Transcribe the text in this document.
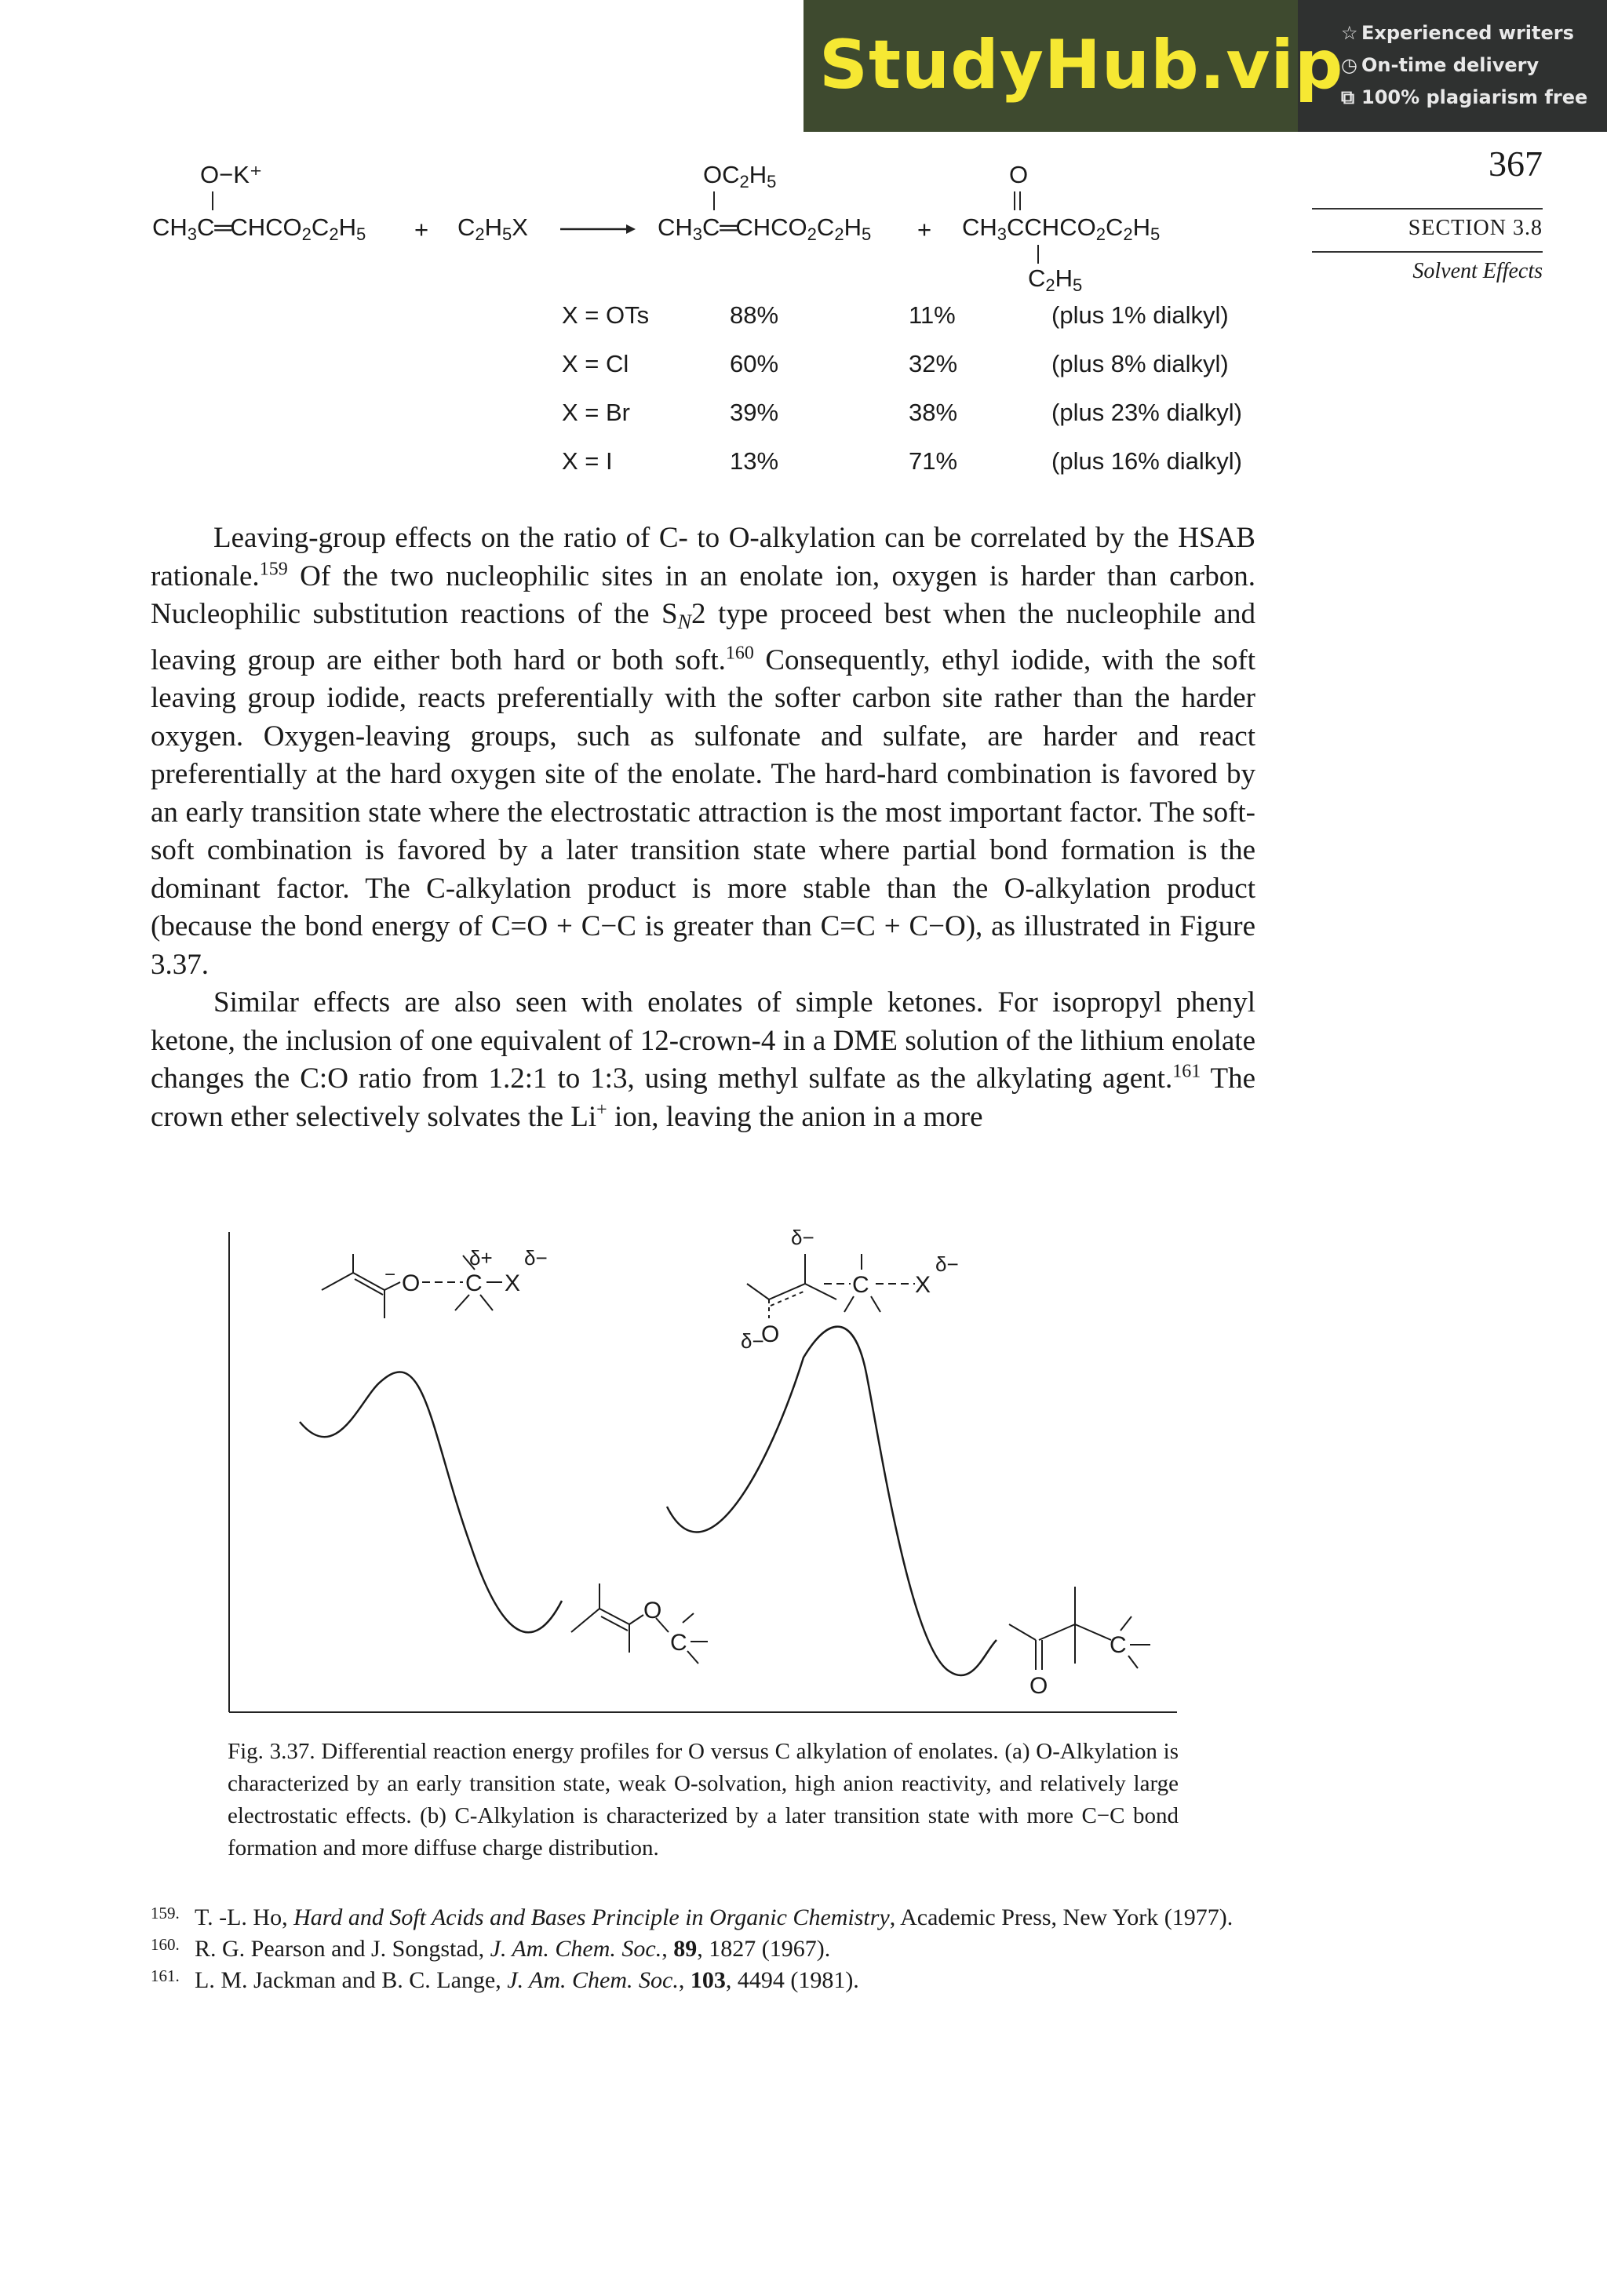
StudyHub.vip
☆ Experienced writers
◷ On-time delivery
⧉ 100% plagiarism free
367
SECTION 3.8
Solvent Effects
O−K⁺
$CH_3C═CHCO_2C_2H_5 + C_2H_5X$
$OC_2H_5$
$CH_3C═CHCO_2C_2H_5$ +
O
$CH_3CCHCO_2C_2H_5$
$C_2H_5$
X = OTs	88%	11%	(plus 1% dialkyl)
X = Cl	60%	32%	(plus 8% dialkyl)
X = Br	39%	38%	(plus 23% dialkyl)
X = I	13%	71%	(plus 16% dialkyl)

Leaving-group effects on the ratio of C- to O-alkylation can be correlated by the HSAB rationale.$^{159}$ Of the two nucleophilic sites in an enolate ion, oxygen is harder than carbon. Nucleophilic substitution reactions of the SN2 type proceed best when the nucleophile and leaving group are either both hard or both soft.$^{160}$ Consequently, ethyl iodide, with the soft leaving group iodide, reacts preferentially with the softer carbon site rather than the harder oxygen. Oxygen-leaving groups, such as sulfonate and sulfate, are harder and react preferentially at the hard oxygen site of the enolate. The hard-hard combination is favored by an early transition state where the electrostatic attraction is the most important factor. The soft-soft combination is favored by a later transition state where partial bond formation is the dominant factor. The C-alkylation product is more stable than the O-alkylation product (because the bond energy of C=O + C−C is greater than C=C + C−O), as illustrated in Figure 3.37.

Similar effects are also seen with enolates of simple ketones. For isopropyl phenyl ketone, the inclusion of one equivalent of 12-crown-4 in a DME solution of the lithium enolate changes the C:O ratio from 1.2:1 to 1:3, using methyl sulfate as the alkylating agent.$^{161}$ The crown ether selectively solvates the Li+ ion, leaving the anion in a more

O C X
δ+ δ−
−	C X
O
δ−
δ−
δ−
O
C	C
O
Fig. 3.37. Differential reaction energy profiles for O versus C alkylation of enolates. (a) O-Alkylation is characterized by an early transition state, weak O-solvation, high anion reactivity, and relatively large electrostatic effects. (b) C-Alkylation is characterized by a later transition state with more C−C bond formation and more diffuse charge distribution.

159. T. -L. Ho, Hard and Soft Acids and Bases Principle in Organic Chemistry, Academic Press, New York (1977).

160. R. G. Pearson and J. Songstad, J. Am. Chem. Soc., 89, 1827 (1967).

161. L. M. Jackman and B. C. Lange, J. Am. Chem. Soc., 103, 4494 (1981).
